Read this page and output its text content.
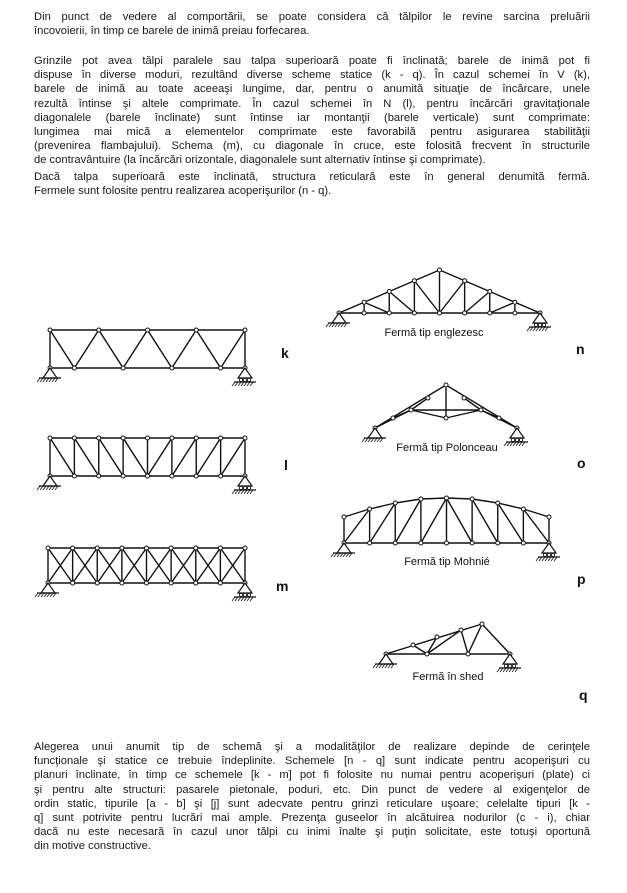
Din punct de vedere al comportării, se poate considera că tălpilor le revine sarcina preluării
încovoierii, în timp ce barele de inimă preiau forfecarea.
Grinzile pot avea tălpi paralele sau talpa superioară poate fi înclinată; barele de inimă pot fi
dispuse în diverse moduri, rezultând diverse scheme statice (k - q). În cazul schemei în V (k),
barele de inimă au toate aceeaşi lungime, dar, pentru o anumită situaţie de încărcare, unele
rezultă întinse şi altele comprimate. În cazul schemei în N (l), pentru încărcări gravitaţionale
diagonalele (barele înclinate) sunt întinse iar montanţii (barele verticale) sunt comprimate:
lungimea mai mică a elementelor comprimate este favorabilă pentru asigurarea stabilităţii
(prevenirea flambajului). Schema (m), cu diagonale în cruce, este folosită frecvent în structurile
de contravântuire (la încărcări orizontale, diagonalele sunt alternativ întinse şi comprimate).
Dacă talpa superioară este înclinată, structura reticulară este în general denumită fermă.
Fermele sunt folosite pentru realizarea acoperişurilor (n - q).
Alegerea unui anumit tip de schemă şi a modalităţilor de realizare depinde de cerinţele
funcţionale şi statice ce trebuie îndeplinite. Schemele [n - q] sunt indicate pentru acoperişuri cu
planuri înclinate, în timp ce schemele [k - m] pot fi folosite nu numai pentru acoperişuri (plate) ci
şi pentru alte structuri: pasarele pietonale, poduri, etc. Din punct de vedere al exigenţelor de
ordin static, tipurile [a - b] şi [j] sunt adecvate pentru grinzi reticulare uşoare; celelalte tipuri [k -
q] sunt potrivite pentru lucrări mai ample. Prezenţa guseelor în alcătuirea nodurilor (c - i), chiar
dacă nu este necesară în cazul unor tălpi cu inimi înalte şi puţin solicitate, este totuşi oportună
din motive constructive.
k
l
m
n
o
p
q
Fermă tip englezesc
Fermă tip Polonceau
Fermă tip Mohnié
Fermă în shed
